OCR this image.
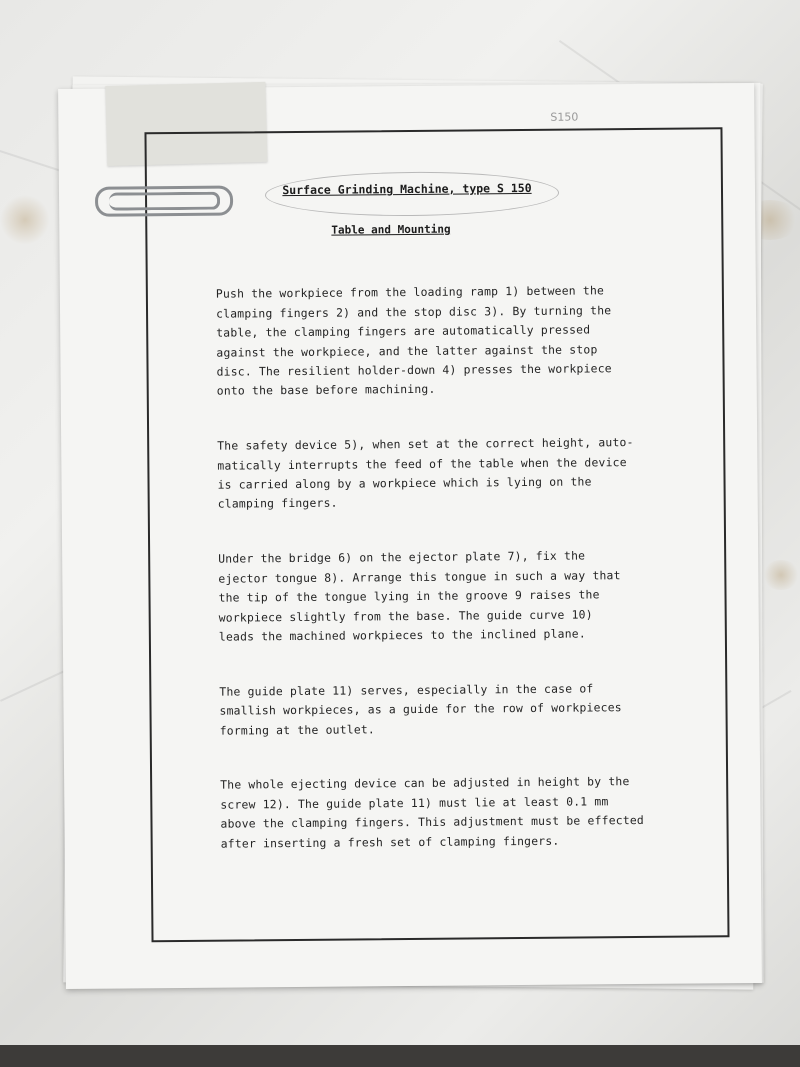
S150
Surface Grinding Machine, type S 150
Table and Mounting

Push the workpiece from the loading ramp 1) between the
clamping fingers 2) and the stop disc 3). By turning the
table, the clamping fingers are automatically pressed
against the workpiece, and the latter against the stop
disc. The resilient holder-down 4) presses the workpiece
onto the base before machining.

The safety device 5), when set at the correct height, auto-
matically interrupts the feed of the table when the device
is carried along by a workpiece which is lying on the
clamping fingers.

Under the bridge 6) on the ejector plate 7), fix the
ejector tongue 8). Arrange this tongue in such a way that
the tip of the tongue lying in the groove 9 raises the
workpiece slightly from the base. The guide curve 10)
leads the machined workpieces to the inclined plane.

The guide plate 11) serves, especially in the case of
smallish workpieces, as a guide for the row of workpieces
forming at the outlet.

The whole ejecting device can be adjusted in height by the
screw 12). The guide plate 11) must lie at least 0.1 mm
above the clamping fingers. This adjustment must be effected
after inserting a fresh set of clamping fingers.
